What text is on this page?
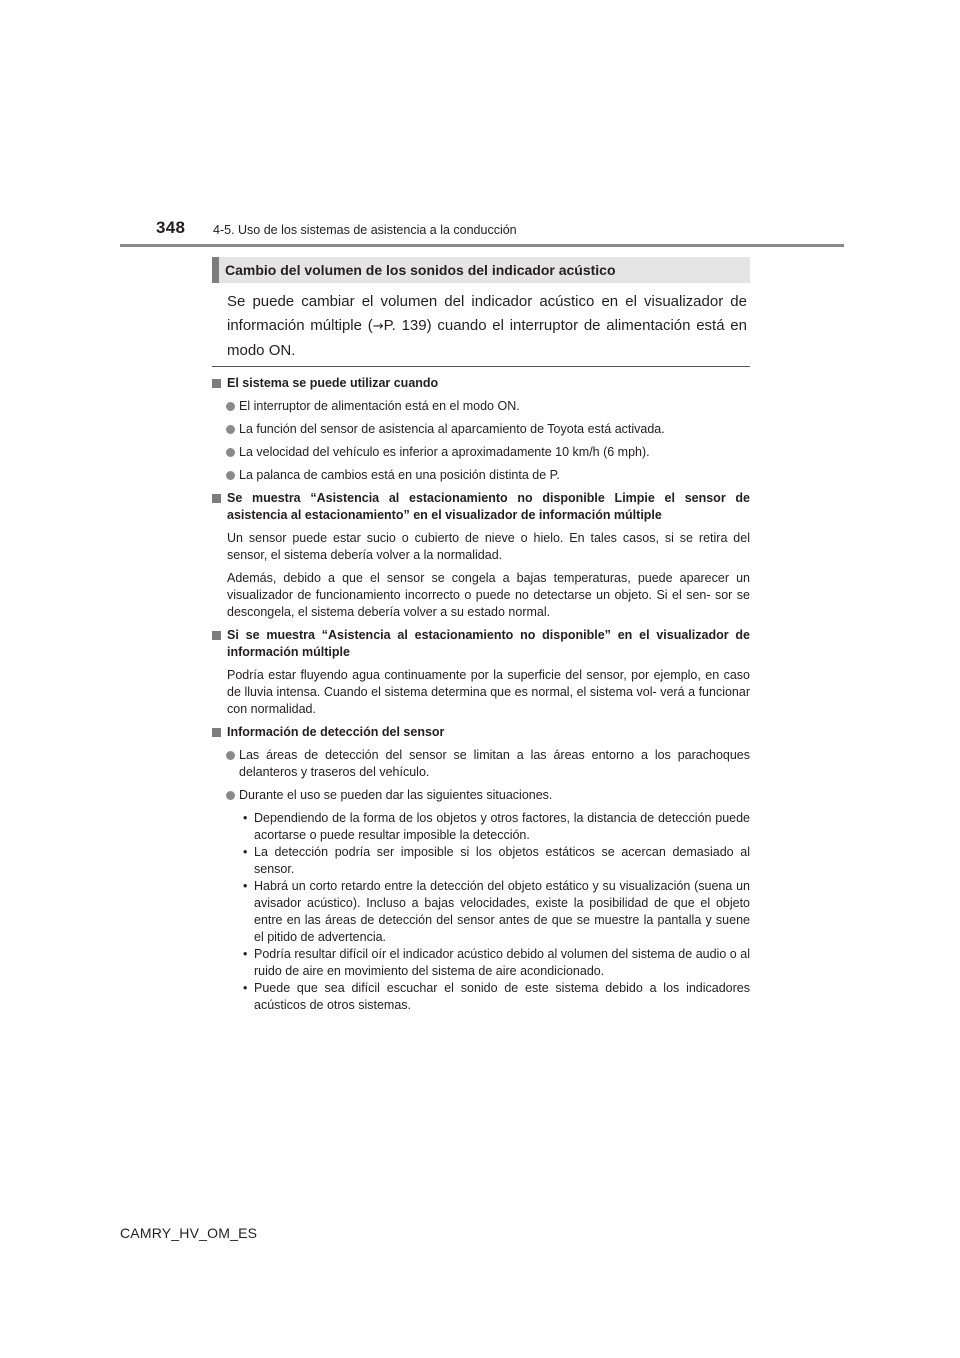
348 4-5. Uso de los sistemas de asistencia a la conducción
Cambio del volumen de los sonidos del indicador acústico
Se puede cambiar el volumen del indicador acústico en el visualizador de información múltiple (→P. 139) cuando el interruptor de alimentación está en modo ON.
El sistema se puede utilizar cuando
El interruptor de alimentación está en el modo ON.
La función del sensor de asistencia al aparcamiento de Toyota está activada.
La velocidad del vehículo es inferior a aproximadamente 10 km/h (6 mph).
La palanca de cambios está en una posición distinta de P.
Se muestra “Asistencia al estacionamiento no disponible Limpie el sensor de asistencia al estacionamiento” en el visualizador de información múltiple
Un sensor puede estar sucio o cubierto de nieve o hielo. En tales casos, si se retira del sensor, el sistema debería volver a la normalidad.
Además, debido a que el sensor se congela a bajas temperaturas, puede aparecer un visualizador de funcionamiento incorrecto o puede no detectarse un objeto. Si el sen- sor se descongela, el sistema debería volver a su estado normal.
Si se muestra “Asistencia al estacionamiento no disponible” en el visualizador de información múltiple
Podría estar fluyendo agua continuamente por la superficie del sensor, por ejemplo, en caso de lluvia intensa. Cuando el sistema determina que es normal, el sistema vol- verá a funcionar con normalidad.
Información de detección del sensor
Las áreas de detección del sensor se limitan a las áreas entorno a los parachoques delanteros y traseros del vehículo.
Durante el uso se pueden dar las siguientes situaciones.
• Dependiendo de la forma de los objetos y otros factores, la distancia de detección puede acortarse o puede resultar imposible la detección.
• La detección podría ser imposible si los objetos estáticos se acercan demasiado al sensor.
• Habrá un corto retardo entre la detección del objeto estático y su visualización (suena un avisador acústico). Incluso a bajas velocidades, existe la posibilidad de que el objeto entre en las áreas de detección del sensor antes de que se muestre la pantalla y suene el pitido de advertencia.
• Podría resultar difícil oír el indicador acústico debido al volumen del sistema de audio o al ruido de aire en movimiento del sistema de aire acondicionado.
• Puede que sea difícil escuchar el sonido de este sistema debido a los indicadores acústicos de otros sistemas.
CAMRY_HV_OM_ES
